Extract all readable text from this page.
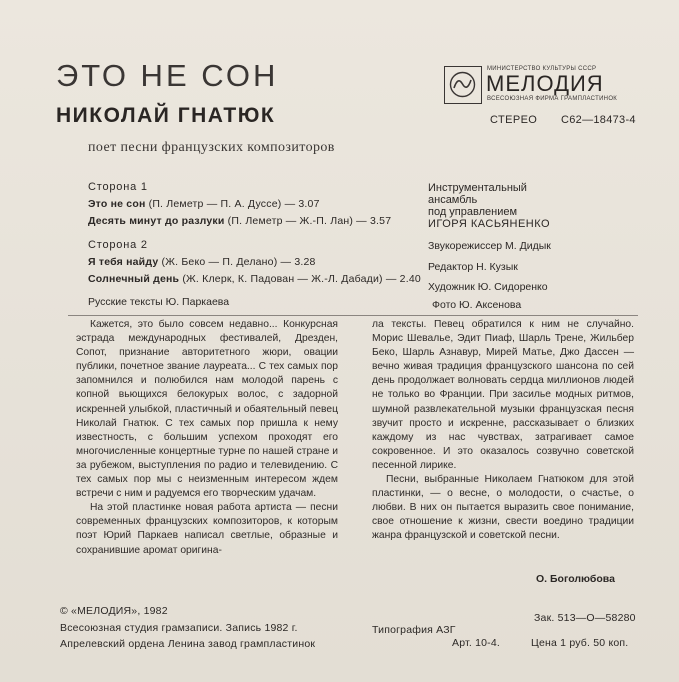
ЭТО НЕ СОН
НИКОЛАЙ ГНАТЮК
поет песни французских композиторов
МИНИСТЕРСТВО КУЛЬТУРЫ СССР
МЕЛОДИЯ
ВСЕСОЮЗНАЯ ФИРМА ГРАМПЛАСТИНОК
СТЕРЕО С62—18473-4
Сторона 1
Это не сон (П. Леметр — П. А. Дуссе) — 3.07
Десять минут до разлуки (П. Леметр — Ж.-П. Лан) — 3.57
Сторона 2
Я тебя найду (Ж. Беко — П. Делано) — 3.28
Солнечный день (Ж. Клерк, К. Падован — Ж.-Л. Дабади) — 2.40
Русские тексты Ю. Паркаева
Инструментальный
ансамбль
под управлением
ИГОРЯ КАСЬЯНЕНКО
Звукорежиссер М. Дидык
Редактор Н. Кузык
Художник Ю. Сидоренко
Фото Ю. Аксенова

Кажется, это было совсем недавно... Конкурсная эстрада международных фестивалей, Дрезден, Сопот, признание авторитетного жюри, овации публики, почетное звание лауреата... С тех самых пор запомнился и полюбился нам молодой парень с копной вьющихся белокурых волос, с задорной искренней улыбкой, пластичный и обаятельный певец Николай Гнатюк. С тех самых пор пришла к нему известность, с большим успехом проходят его многочисленные концертные турне по нашей стране и за рубежом, выступления по радио и телевидению. С тех самых пор мы с неизменным интересом ждем встречи с ним и радуемся его творческим удачам.

На этой пластинке новая работа артиста — песни современных французских композиторов, к которым поэт Юрий Паркаев написал светлые, образные и сохранившие аромат оригина-

ла тексты. Певец обратился к ним не случайно. Морис Шевалье, Эдит Пиаф, Шарль Трене, Жильбер Беко, Шарль Азнавур, Мирей Матье, Джо Дассен — вечно живая традиция французского шансона по сей день продолжает волновать сердца миллионов людей не только во Франции. При засилье модных ритмов, шумной развлекательной музыки французская песня звучит просто и искренне, рассказывает о близких каждому из нас чувствах, затрагивает самое сокровенное. И это оказалось созвучно советской песенной лирике.

Песни, выбранные Николаем Гнатюком для этой пластинки, — о весне, о молодости, о счастье, о любви. В них он пытается выразить свое понимание, свое отношение к жизни, свести воедино традиции жанра французской и советской песни.

О. Боголюбова
© «МЕЛОДИЯ», 1982
Всесоюзная студия грамзаписи. Запись 1982 г.
Апрелевский ордена Ленина завод грампластинок
Типография АЗГ
Зак. 513—О—58280
Арт. 10-4.	Цена 1 руб. 50 коп.
